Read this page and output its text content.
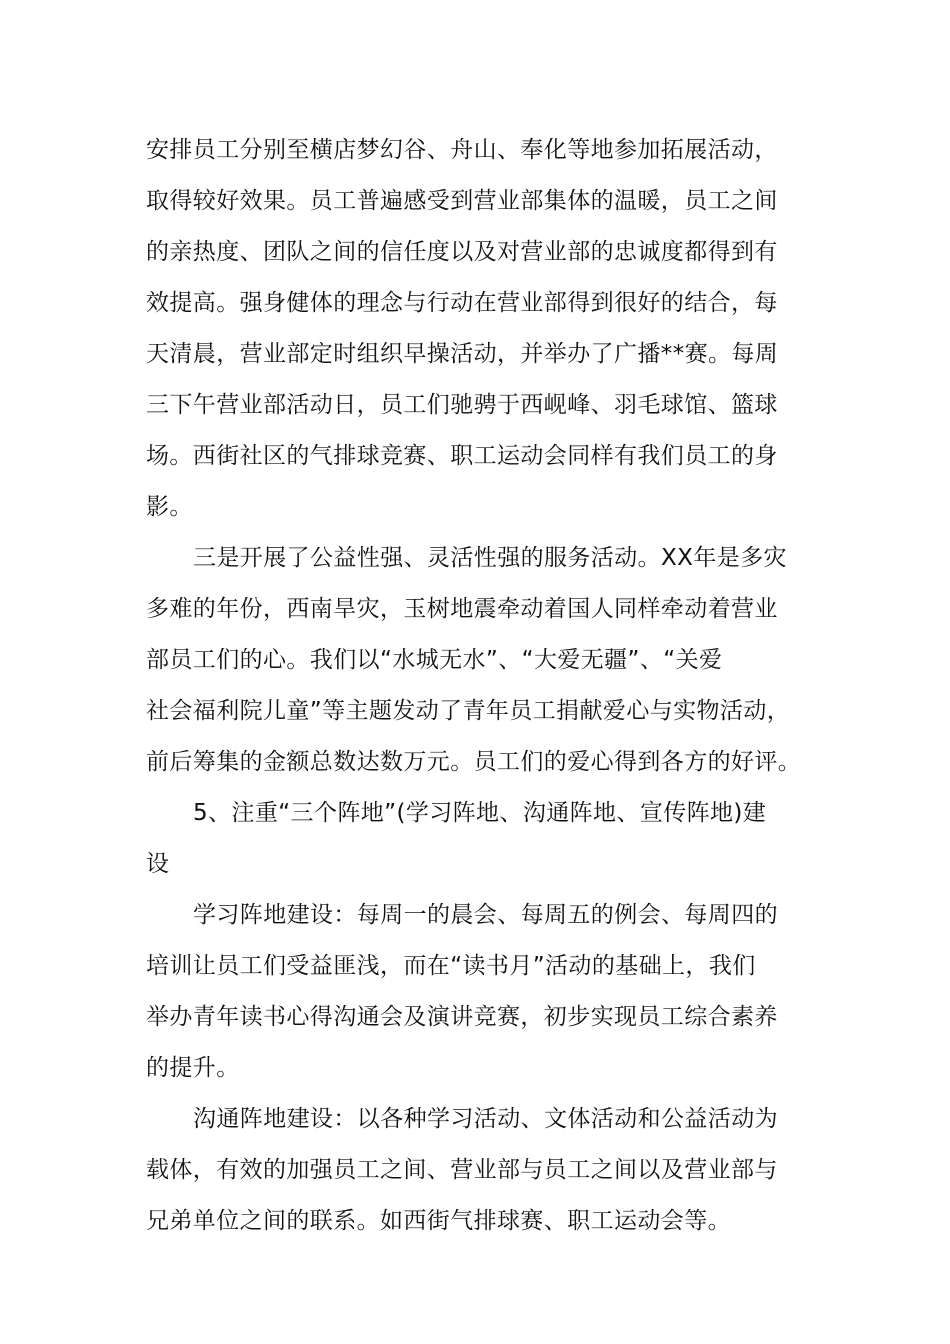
安排员工分别至横店梦幻谷、舟山、奉化等地参加拓展活动，
取得较好效果。员工普遍感受到营业部集体的温暖，员工之间
的亲热度、团队之间的信任度以及对营业部的忠诚度都得到有
效提高。强身健体的理念与行动在营业部得到很好的结合，每
天清晨，营业部定时组织早操活动，并举办了广播**赛。每周
三下午营业部活动日，员工们驰骋于西岘峰、羽毛球馆、篮球
场。西街社区的气排球竞赛、职工运动会同样有我们员工的身
影。
三是开展了公益性强、灵活性强的服务活动。XX年是多灾
多难的年份，西南旱灾，玉树地震牵动着国人同样牵动着营业
部员工们的心。我们以“水城无水”、“大爱无疆”、“关爱
社会福利院儿童”等主题发动了青年员工捐献爱心与实物活动，
前后筹集的金额总数达数万元。员工们的爱心得到各方的好评。
5、注重“三个阵地”(学习阵地、沟通阵地、宣传阵地)建
设
学习阵地建设：每周一的晨会、每周五的例会、每周四的
培训让员工们受益匪浅，而在“读书月”活动的基础上，我们
举办青年读书心得沟通会及演讲竞赛，初步实现员工综合素养
的提升。
沟通阵地建设：以各种学习活动、文体活动和公益活动为
载体，有效的加强员工之间、营业部与员工之间以及营业部与
兄弟单位之间的联系。如西街气排球赛、职工运动会等。
